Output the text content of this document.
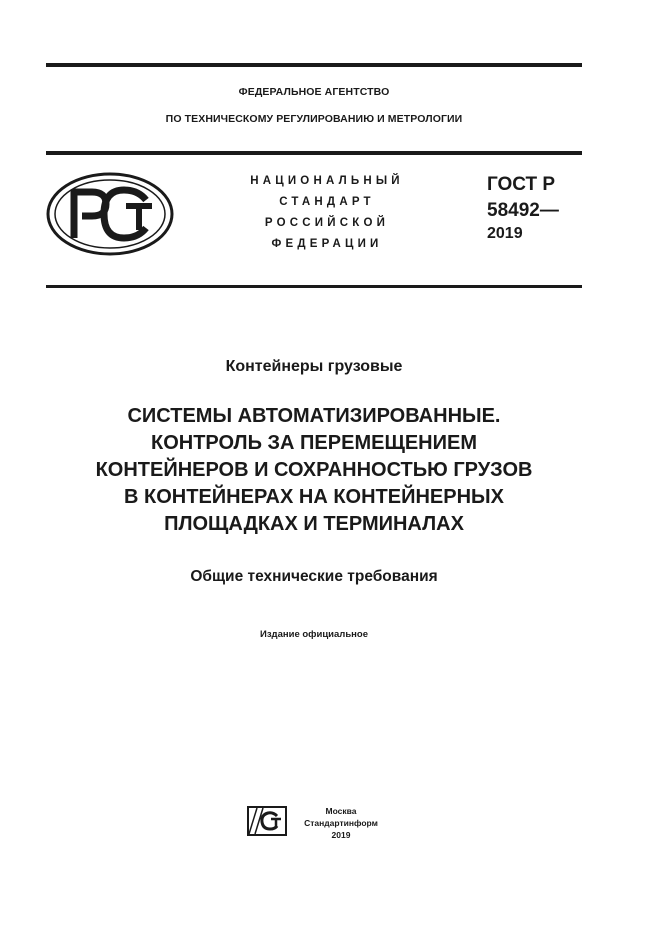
ФЕДЕРАЛЬНОЕ АГЕНТСТВО
ПО ТЕХНИЧЕСКОМУ РЕГУЛИРОВАНИЮ И МЕТРОЛОГИИ
НАЦИОНАЛЬНЫЙ
СТАНДАРТ
РОССИЙСКОЙ
ФЕДЕРАЦИИ
ГОСТ Р
58492—
2019
Контейнеры грузовые
СИСТЕМЫ АВТОМАТИЗИРОВАННЫЕ.
КОНТРОЛЬ ЗА ПЕРЕМЕЩЕНИЕМ
КОНТЕЙНЕРОВ И СОХРАННОСТЬЮ ГРУЗОВ
В КОНТЕЙНЕРАХ НА КОНТЕЙНЕРНЫХ
ПЛОЩАДКАХ И ТЕРМИНАЛАХ
Общие технические требования
Издание официальное
Москва
Стандартинформ
2019
